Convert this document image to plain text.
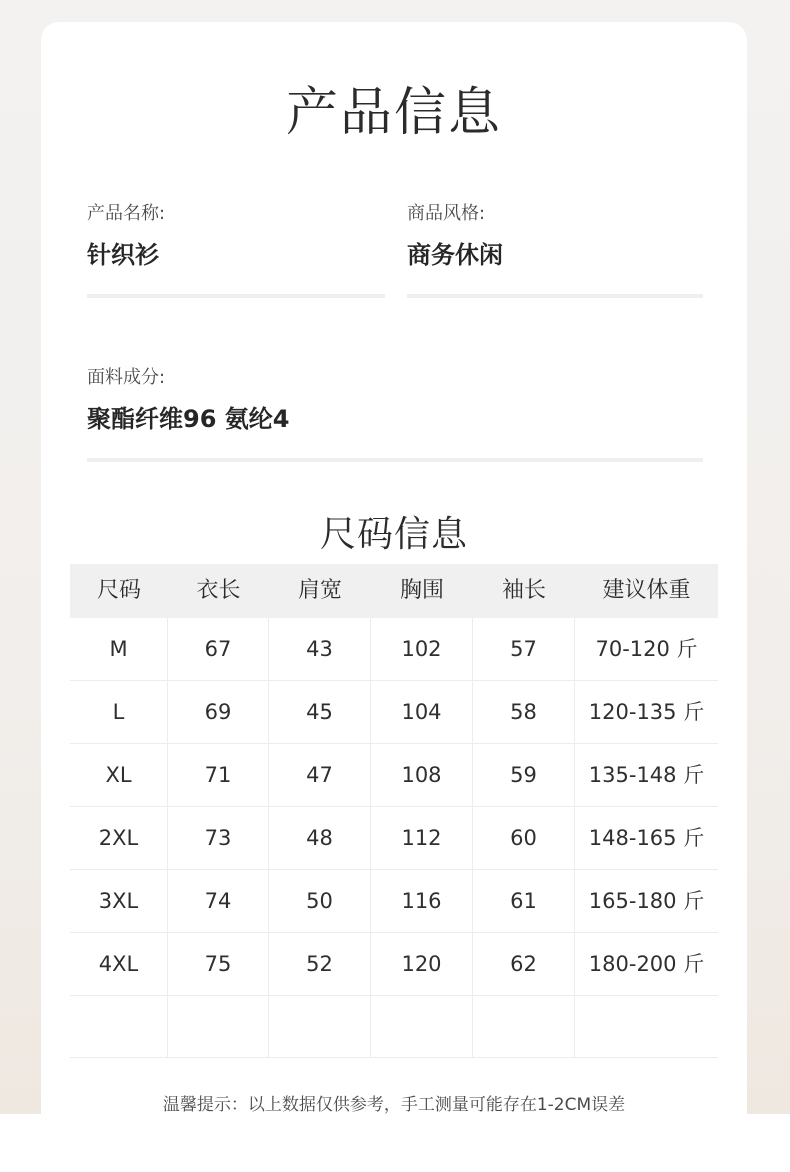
产品信息
产品名称:
针织衫
商品风格:
商务休闲
面料成分:
聚酯纤维96 氨纶4
尺码信息
尺码	衣长	肩宽	胸围	袖长	建议体重
M	67	43	102	57	70-120 斤
L	69	45	104	58	120-135 斤
XL	71	47	108	59	135-148 斤
2XL	73	48	112	60	148-165 斤
3XL	74	50	116	61	165-180 斤
4XL	75	52	120	62	180-200 斤
温馨提示：以上数据仅供参考，手工测量可能存在1-2CM误差
